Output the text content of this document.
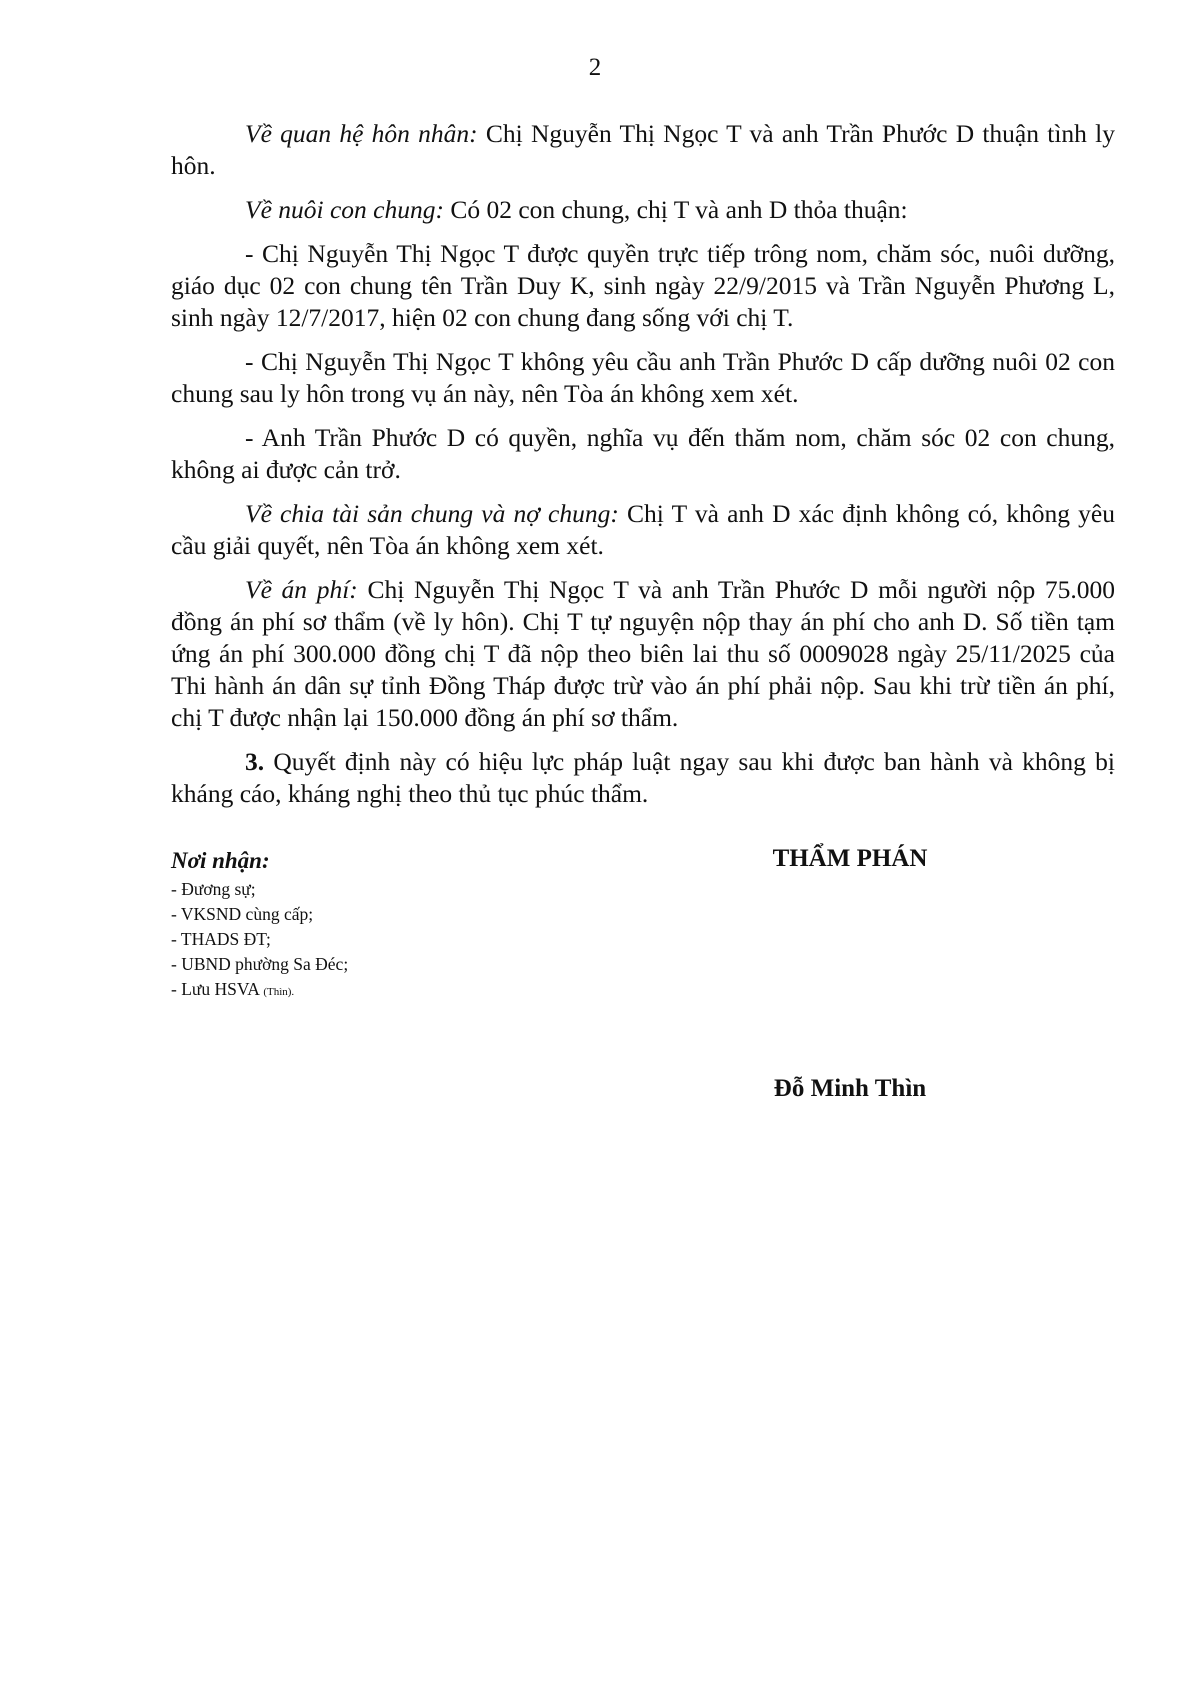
2

Về quan hệ hôn nhân: Chị Nguyễn Thị Ngọc T và anh Trần Phước D thuận tình ly hôn.

Về nuôi con chung: Có 02 con chung, chị T và anh D thỏa thuận:

- Chị Nguyễn Thị Ngọc T được quyền trực tiếp trông nom, chăm sóc, nuôi dưỡng, giáo dục 02 con chung tên Trần Duy K, sinh ngày 22/9/2015 và Trần Nguyễn Phương L, sinh ngày 12/7/2017, hiện 02 con chung đang sống với chị T.

- Chị Nguyễn Thị Ngọc T không yêu cầu anh Trần Phước D cấp dưỡng nuôi 02 con chung sau ly hôn trong vụ án này, nên Tòa án không xem xét.

- Anh Trần Phước D có quyền, nghĩa vụ đến thăm nom, chăm sóc 02 con chung, không ai được cản trở.

Về chia tài sản chung và nợ chung: Chị T và anh D xác định không có, không yêu cầu giải quyết, nên Tòa án không xem xét.

Về án phí: Chị Nguyễn Thị Ngọc T và anh Trần Phước D mỗi người nộp 75.000 đồng án phí sơ thẩm (về ly hôn). Chị T tự nguyện nộp thay án phí cho anh D. Số tiền tạm ứng án phí 300.000 đồng chị T đã nộp theo biên lai thu số 0009028 ngày 25/11/2025 của Thi hành án dân sự tỉnh Đồng Tháp được trừ vào án phí phải nộp. Sau khi trừ tiền án phí, chị T được nhận lại 150.000 đồng án phí sơ thẩm.

3. Quyết định này có hiệu lực pháp luật ngay sau khi được ban hành và không bị kháng cáo, kháng nghị theo thủ tục phúc thẩm.

Nơi nhận:
- Đương sự;
- VKSND cùng cấp;
- THADS ĐT;
- UBND phường Sa Đéc;
- Lưu HSVA (Thìn).
THẨM PHÁN
Đỗ Minh Thìn
